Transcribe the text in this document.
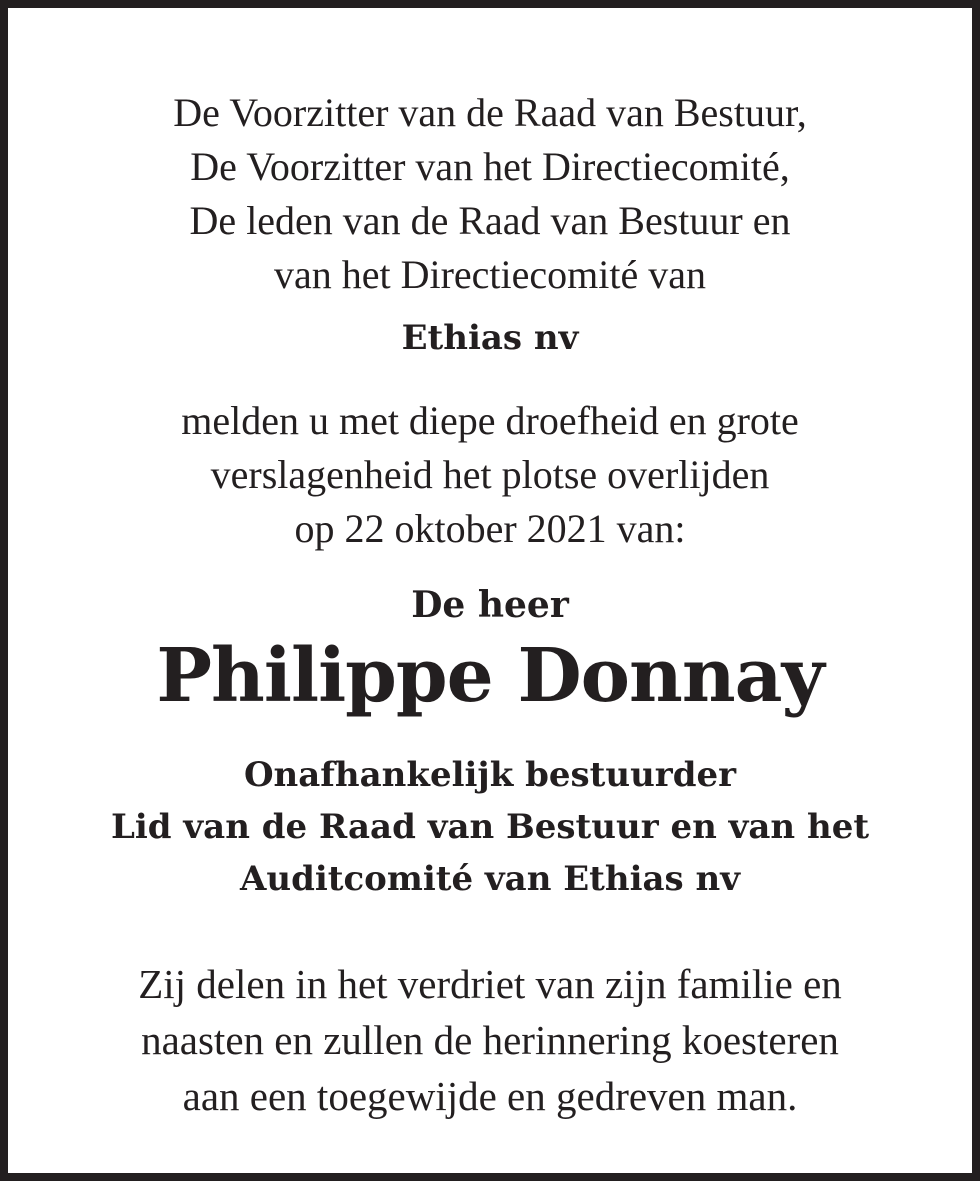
De Voorzitter van de Raad van Bestuur,
De Voorzitter van het Directiecomité,
De leden van de Raad van Bestuur en
van het Directiecomité van
Ethias nv
melden u met diepe droefheid en grote
verslagenheid het plotse overlijden
op 22 oktober 2021 van:
De heer
Philippe Donnay
Onafhankelijk bestuurder
Lid van de Raad van Bestuur en van het
Auditcomité van Ethias nv
Zij delen in het verdriet van zijn familie en
naasten en zullen de herinnering koesteren
aan een toegewijde en gedreven man.
